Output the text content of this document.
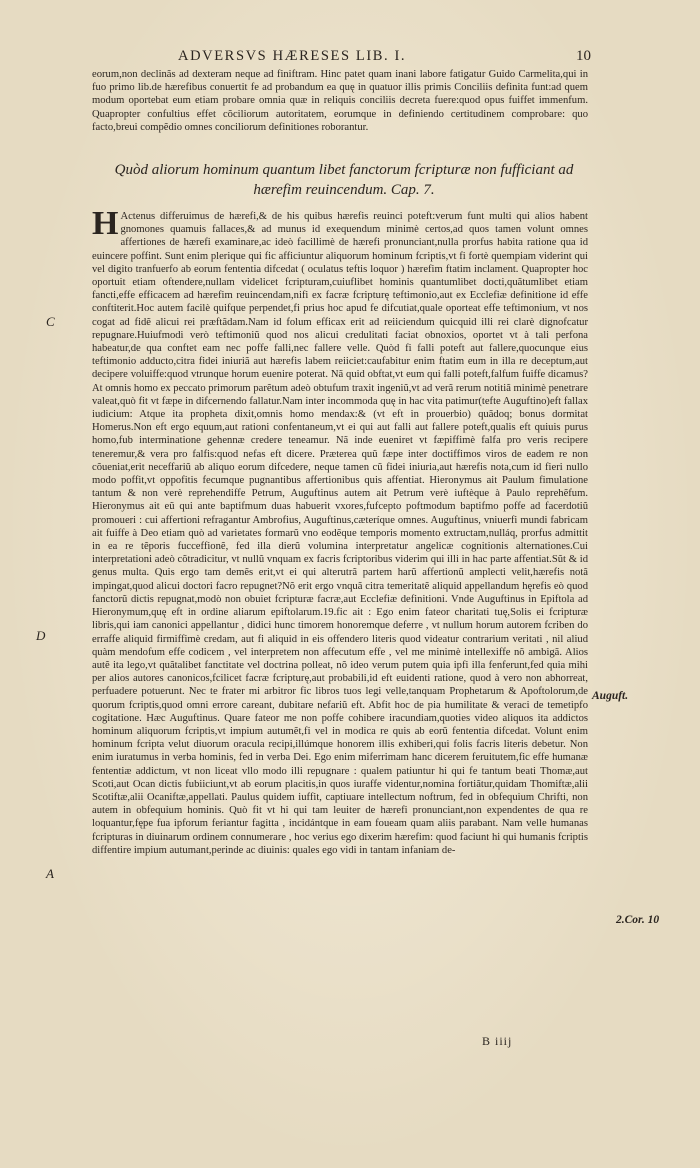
ADVERSVS HÆRESES LIB. I.	10

eorum,non declinãs ad dexteram neque ad finiftram. Hinc patet quam inani labore fatigatur Guido Carmelita,qui in fuo primo lib.de hærefibus conuertit fe ad probandum ea quę in quatuor illis primis Conciliis definita funt:ad quem modum oportebat eum etiam probare omnia quæ in reliquis conciliis decreta fuere:quod opus fuiffet immenfum. Quapropter confultius effet cõciliorum autoritatem, eorumque in definiendo certitudinem comprobare: quo facto,breui compẽdio omnes conciliorum definitiones roborantur.

Quòd aliorum hominum quantum libet fanctorum fcripturæ non fufficiant ad hærefim reuincendum. Cap. 7.
H Actenus differuimus de hærefi,& de his quibus hærefis reuinci poteft:verum funt multi qui alios habent gnomones quamuis fallaces,& ad munus id exequendum minimè certos,ad quos tamen volunt omnes affertiones de hærefi examinare,ac ideò facillimè de hærefi pronunciant,nulla prorfus habita ratione qua id euincere poffint. Sunt enim plerique qui fic afficiuntur aliquorum hominum fcriptis,vt fi fortè quempiam viderint qui vel digito tranfuerfo ab eorum fententia difcedat ( oculatus teftis loquor ) hærefim ftatim inclament. Quapropter hoc oportuit etiam oftendere,nullam videlicet fcripturam,cuiuflibet hominis quantumlibet docti,quãtumlibet etiam fancti,effe efficacem ad hærefim reuincendam,nifi ex facræ fcripturę teftimonio,aut ex Ecclefiæ definitione id effe conftiterit.Hoc autem facilè quifque perpendet,fi prius hoc apud fe difcutiat,quale oporteat effe teftimonium, vt nos cogat ad fidẽ alicui rei præftãdam.Nam id folum efficax erit ad reiiciendum quicquid illi rei clarè dignofcatur repugnare.Huiufmodi verò teftimoniũ quod nos alicui credulitati faciat obnoxios, oportet vt à tali perfona habeatur,de qua conftet eam nec poffe falli,nec fallere velle. Quòd fi falli poteft aut fallere,quocunque eius teftimonio adducto,citra fidei iniuriã aut hærefis labem reiiciet:caufabitur enim ftatim eum in illa re deceptum,aut decipere voluiffe:quod vtrunque horum euenire poterat. Nã quid obftat,vt eum qui falli poteft,falfum fuiffe dicamus? At omnis homo ex peccato primorum parẽtum adeò obtufum traxit ingeniũ,vt ad verã rerum notitiã minimè penetrare valeat,quò fit vt fæpe in difcernendo fallatur.Nam inter incommoda quę in hac vita patimur(tefte Auguftino)eft fallax iudicium: Atque ita propheta dixit,omnis homo mendax:& (vt eft in prouerbio) quãdoq; bonus dormitat Homerus.Non eft ergo equum,aut rationi confentaneum,vt ei qui aut falli aut fallere poteft,qualis eft quiuis purus homo,fub interminatione gehennæ credere teneamur. Nã inde eueniret vt fæpiffimè falfa pro veris recipere teneremur,& vera pro falfis:quod nefas eft dicere. Præterea quũ fæpe inter doctiffimos viros de eadem re non cõueniat,erit neceffariũ ab aliquo eorum difcedere, neque tamen cũ fidei iniuria,aut hærefis nota,cum id fieri nullo modo poffit,vt oppofitis fecumque pugnantibus affertionibus quis affentiat. Hieronymus ait Paulum fimulatione tantum & non verè reprehendiffe Petrum, Auguftinus autem ait Petrum verè iuftèque à Paulo reprehẽfum. Hieronymus ait eũ qui ante baptifmum duas habuerit vxores,fufcepto poftmodum baptifmo poffe ad facerdotiũ promoueri : cui affertioni refragantur Ambrofius, Auguftinus,cæteríque omnes. Auguftinus, vniuerfi mundi fabricam ait fuiffe à Deo etiam quò ad varietates formarũ vno eodẽque temporis momento extructam,nulláq, prorfus admittit in ea re tẽporis fucceffionẽ, fed illa dierũ volumina interpretatur angelicæ cognitionis alternationes.Cui interpretationi adeò cõtradicitur, vt nullũ vnquam ex facris fcriptoribus viderim qui illi in hac parte affentiat.Sũt & id genus multa. Quis ergo tam demẽs erit,vt ei qui alterutrã partem harũ affertionũ amplecti velit,hærefis notã impingat,quod alicui doctori facro repugnet?Nõ erit ergo vnquã citra temeritatẽ aliquid appellandum hęrefis eò quod fanctorũ dictis repugnat,modò non obuiet fcripturæ facræ,aut Ecclefiæ definitioni. Vnde Auguftinus in Epiftola ad Hieronymum,quę eft in ordine aliarum epiftolarum.19.fic ait : Ego enim fateor charitati tuę,Solis ei fcripturæ libris,qui iam canonici appellantur , didici hunc timorem honoremque deferre , vt nullum horum autorem fcriben do erraffe aliquid firmiffimè credam, aut fi aliquid in eis offendero literis quod videatur contrarium veritati , nil aliud quàm mendofum effe codicem , vel interpretem non affecutum effe , vel me minimè intellexiffe nõ ambigã. Alios autẽ ita lego,vt quãtalibet fanctitate vel doctrina polleat, nõ ideo verum putem quia ipfi illa fenferunt,fed quia mihi per alios autores canonicos,fcilicet facræ fcripturę,aut probabili,id eft euidenti ratione, quod à vero non abhorreat, perfuadere potuerunt. Nec te frater mi arbitror fic libros tuos legi velle,tanquam Prophetarum & Apoftolorum,de quorum fcriptis,quod omni errore careant, dubitare nefariũ eft. Abfit hoc de pia humilitate & veraci de temetipfo cogitatione. Hæc Auguftinus. Quare fateor me non poffe cohibere iracundiam,quoties video aliquos ita addictos hominum aliquorum fcriptis,vt impium autumẽt,fi vel in modica re quis ab eorũ fententia difcedat. Volunt enim hominum fcripta velut diuorum oracula recipi,illúmque honorem illis exhiberi,qui folis facris literis debetur. Non enim iuratumus in verba hominis, fed in verba Dei. Ego enim miferrimam hanc dicerem feruitutem,fic effe humanæ fententiæ addictum, vt non liceat vllo modo illi repugnare : qualem patiuntur hi qui fe tantum beati Thomæ,aut Scoti,aut Ocan dictis fubiiciunt,vt ab eorum placitis,in quos iuraffe videntur,nomina fortiãtur,quidam Thomiftæ,alii Scotiftæ,alii Ocaniftæ,appellati. Paulus quidem iuffit, captiuare intellectum noftrum, fed in obfequium Chrifti, non autem in obfequium hominis. Quò fit vt hi qui tam leuiter de hærefi pronunciant,non expendentes de qua re loquantur,fępe fua ipforum feriantur fagitta , incidántque in eam foueam quam aliis parabant. Nam velle humanas fcripturas in diuinarum ordinem connumerare , hoc verius ego dixerim hærefim: quod faciunt hi qui humanis fcriptis diffentire impium autumant,perinde ac diuinis: quales ego vidi in tantam infaniam de-

C
D
A
Auguft.
2.Cor. 10
B iiij
